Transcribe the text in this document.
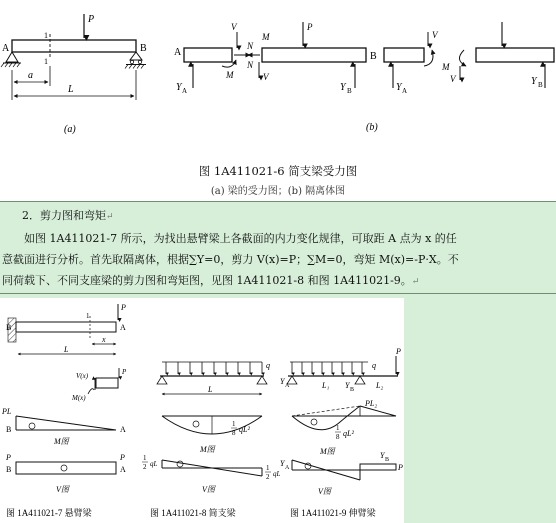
P
A	B
1
1
a
L
(a)
A
Y A
V
N
M
P
V
N
M
B
Y B	Y A
V
M
V	Y B
(b)
图 1A411021-6 简支梁受力图
(a) 梁的受力图；(b) 隔离体图
2．剪力图和弯矩↵
如图 1A411021-7 所示，为找出悬臂梁上各截面的内力变化规律，可取距 A 点为 x 的任
意截面进行分析。首先取隔离体，根据∑Y=0，剪力 V(x)=P；∑M=0，弯矩 M(x)=-P·X。不
同荷载下、不同支座梁的剪力图和弯矩图，见图 1A411021-8 和图 1A411021-9。↵
B
P
A
1
x
L
P
V(x)
M(x)
PL
B	A
M图
P	P
B	A
V图
图 1A411021-7 悬臂梁
q
L
1
8 qL²
M图
1
2 qL	1
2 qL
V图
图 1A411021-8 简支梁
q
P
Y A	Y B
L₁	L₂
PL₂
1
8 qL²
M图
Y A
Y B
P
V图
图 1A411021-9 伸臂梁
